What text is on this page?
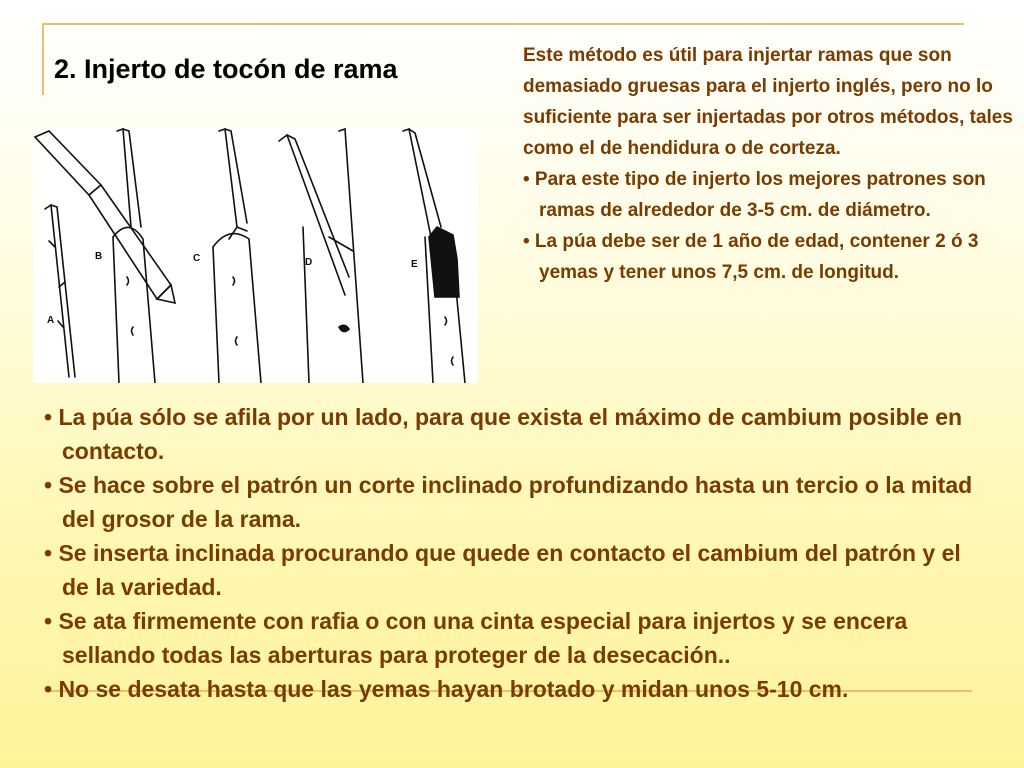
2. Injerto de tocón de rama
A
B	C	D	E

Este método es útil para injertar ramas que son demasiado gruesas para el injerto inglés, pero no lo suficiente para ser injertadas por otros métodos, tales como el de hendidura o de corteza.

• Para este tipo de injerto los mejores patrones son ramas de alrededor de 3-5 cm. de diámetro.

• La púa debe ser de 1 año de edad, contener 2 ó 3 yemas y tener unos 7,5 cm. de longitud.

• La púa sólo se afila por un lado, para que exista el máximo de cambium posible en contacto.

• Se hace sobre el patrón un corte inclinado profundizando hasta un tercio o la mitad del grosor de la rama.

• Se inserta inclinada procurando que quede en contacto el cambium del patrón y el de la variedad.

• Se ata firmemente con rafia o con una cinta especial para injertos y se encera sellando todas las aberturas para proteger de la desecación..

• No se desata hasta que las yemas hayan brotado y midan unos 5-10 cm.
